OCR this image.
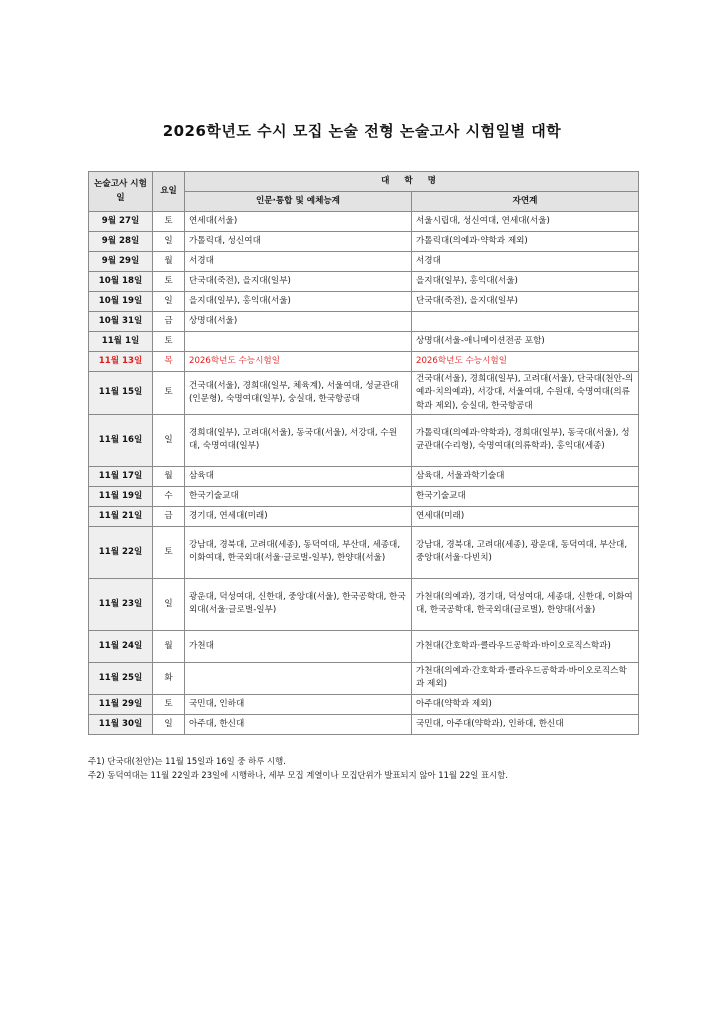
2026학년도 수시 모집 논술 전형 논술고사 시험일별 대학
논술고사 시험일	요일	대 학 명	
		인문·통합 및 예체능계	자연계
9월 27일	토	연세대(서울)	서울시립대, 성신여대, 연세대(서울)
9월 28일	일	가톨릭대, 성신여대	가톨릭대(의예과·약학과 제외)
9월 29일	월	서경대	서경대
10월 18일	토	단국대(죽전), 을지대(일부)	을지대(일부), 홍익대(서울)
10월 19일	일	을지대(일부), 홍익대(서울)	단국대(죽전), 을지대(일부)
10월 31일	금	상명대(서울)	
11월 1일	토		상명대(서울-애니메이션전공 포함)
11월 13일	목	2026학년도 수능시험일	2026학년도 수능시험일
11월 15일	토	건국대(서울), 경희대(일부, 체육계), 서울여대, 성균관대(인문형), 숙명여대(일부), 숭실대, 한국항공대	건국대(서울), 경희대(일부), 고려대(서울), 단국대(천안-의예과·치의예과), 서강대, 서울여대, 수원대, 숙명여대(의류학과 제외), 숭실대, 한국항공대
11월 16일	일	경희대(일부), 고려대(서울), 동국대(서울), 서강대, 수원대, 숙명여대(일부)	가톨릭대(의예과·약학과), 경희대(일부), 동국대(서울), 성균관대(수리형), 숙명여대(의류학과), 홍익대(세종)
11월 17일	월	삼육대	삼육대, 서울과학기술대
11월 19일	수	한국기술교대	한국기술교대
11월 21일	금	경기대, 연세대(미래)	연세대(미래)
11월 22일	토	강남대, 경북대, 고려대(세종), 동덕여대, 부산대, 세종대, 이화여대, 한국외대(서울·글로벌-일부), 한양대(서울)	강남대, 경북대, 고려대(세종), 광운대, 동덕여대, 부산대, 중앙대(서울·다빈치)
11월 23일	일	광운대, 덕성여대, 신한대, 중앙대(서울), 한국공학대, 한국외대(서울·글로벌-일부)	가천대(의예과), 경기대, 덕성여대, 세종대, 신한대, 이화여대, 한국공학대, 한국외대(글로벌), 한양대(서울)
11월 24일	월	가천대	가천대(간호학과·클라우드공학과·바이오로직스학과)
11월 25일	화		가천대(의예과·간호학과·클라우드공학과·바이오로직스학과 제외)
11월 29일	토	국민대, 인하대	아주대(약학과 제외)
11월 30일	일	아주대, 한신대	국민대, 아주대(약학과), 인하대, 한신대
주1) 단국대(천안)는 11월 15일과 16일 중 하루 시행.
주2) 동덕여대는 11월 22일과 23일에 시행하나, 세부 모집 계열이나 모집단위가 발표되지 않아 11월 22일 표시함.
